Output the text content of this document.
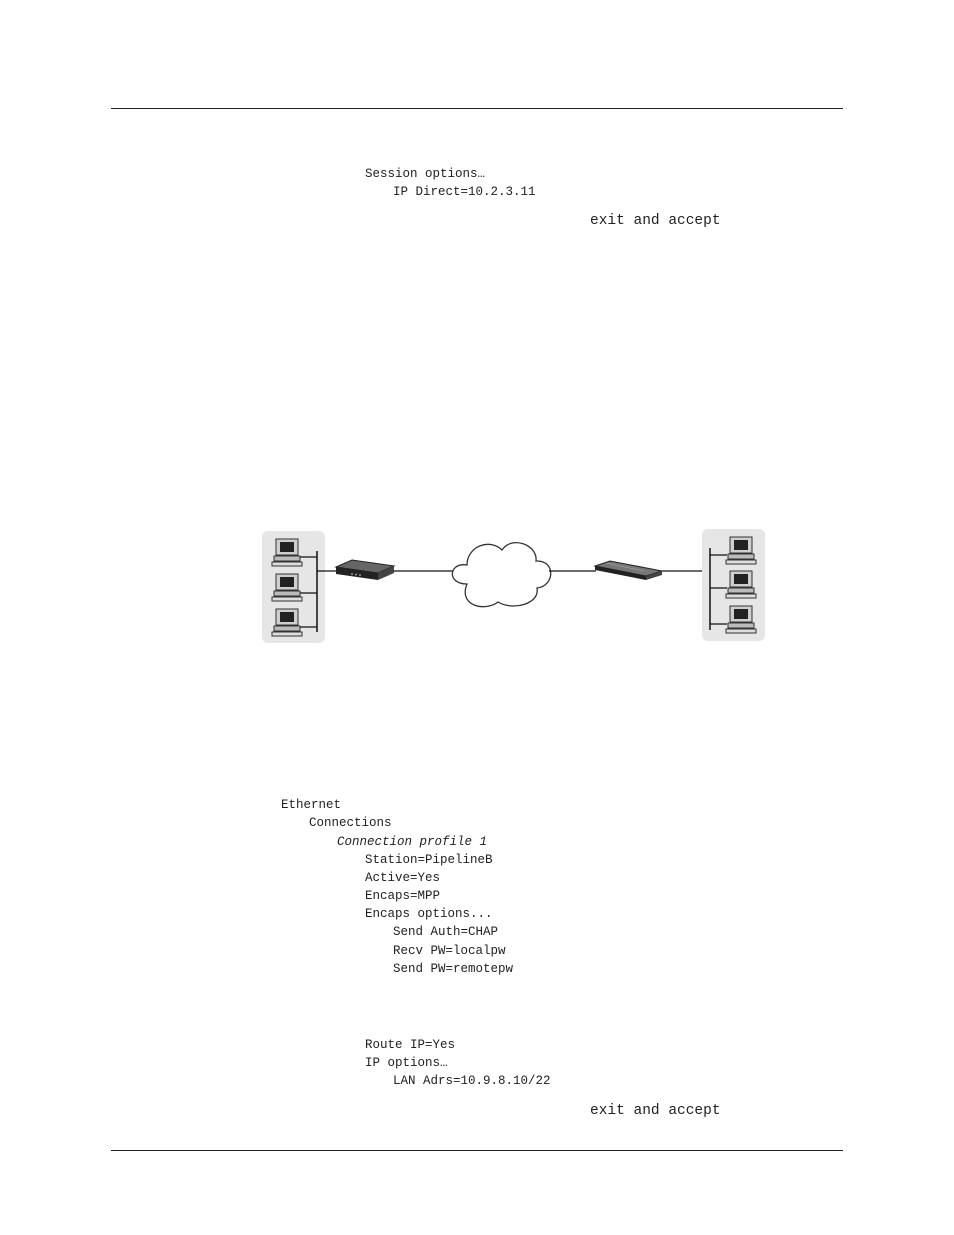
Session options…
IP Direct=10.2.3.11
exit and accept
Ethernet
Connections
Connection profile 1
Station=PipelineB
Active=Yes
Encaps=MPP
Encaps options...
Send Auth=CHAP
Recv PW=localpw
Send PW=remotepw
Route IP=Yes
IP options…
LAN Adrs=10.9.8.10/22
exit and accept
